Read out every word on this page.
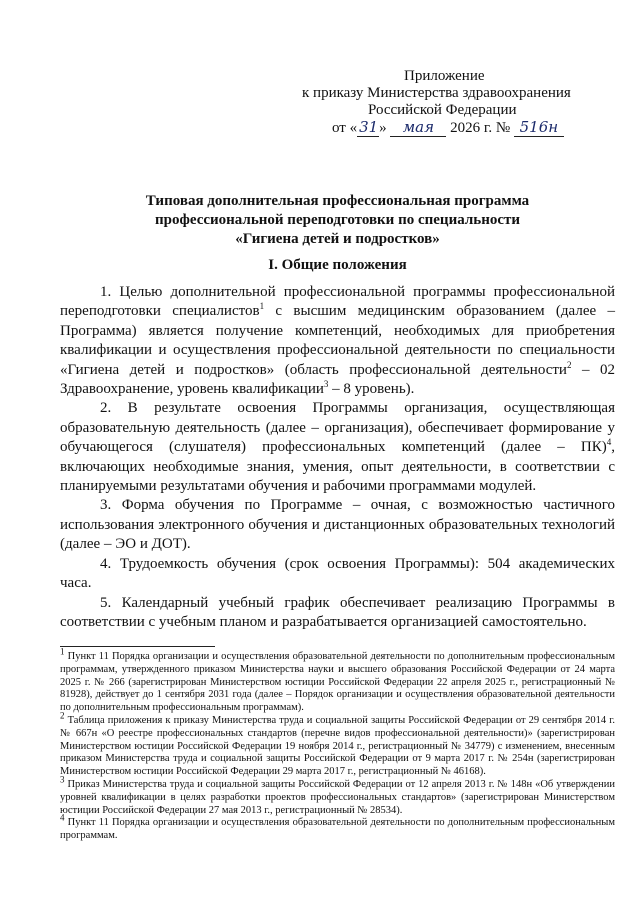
Приложение
к приказу Министерства здравоохранения
Российской Федерации
от « 31» мая 2026 г. № 516н
Типовая дополнительная профессиональная программа
профессиональной переподготовки по специальности
«Гигиена детей и подростков»
I. Общие положения

1. Целью дополнительной профессиональной программы профессиональной переподготовки специалистов$^1$ с высшим медицинским образованием (далее – Программа) является получение компетенций, необходимых для приобретения квалификации и осуществления профессиональной деятельности по специальности «Гигиена детей и подростков» (область профессиональной деятельности$^2$ – 02 Здравоохранение, уровень квалификации$^3$ – 8 уровень).

2. В результате освоения Программы организация, осуществляющая образовательную деятельность (далее – организация), обеспечивает формирование у обучающегося (слушателя) профессиональных компетенций (далее – ПК)$^4$, включающих необходимые знания, умения, опыт деятельности, в соответствии с планируемыми результатами обучения и рабочими программами модулей.

3. Форма обучения по Программе – очная, с возможностью частичного использования электронного обучения и дистанционных образовательных технологий (далее – ЭО и ДОТ).

4. Трудоемкость обучения (срок освоения Программы): 504 академических часа.

5. Календарный учебный график обеспечивает реализацию Программы в соответствии с учебным планом и разрабатывается организацией самостоятельно.

$^1$ Пункт 11 Порядка организации и осуществления образовательной деятельности по дополнительным профессиональным программам, утвержденного приказом Министерства науки и высшего образования Российской Федерации от 24 марта 2025 г. № 266 (зарегистрирован Министерством юстиции Российской Федерации 22 апреля 2025 г., регистрационный № 81928), действует до 1 сентября 2031 года (далее – Порядок организации и осуществления образовательной деятельности по дополнительным профессиональным программам).

$^2$ Таблица приложения к приказу Министерства труда и социальной защиты Российской Федерации от 29 сентября 2014 г. № 667н «О реестре профессиональных стандартов (перечне видов профессиональной деятельности)» (зарегистрирован Министерством юстиции Российской Федерации 19 ноября 2014 г., регистрационный № 34779) с изменением, внесенным приказом Министерства труда и социальной защиты Российской Федерации от 9 марта 2017 г. № 254н (зарегистрирован Министерством юстиции Российской Федерации 29 марта 2017 г., регистрационный № 46168).

$^3$ Приказ Министерства труда и социальной защиты Российской Федерации от 12 апреля 2013 г. № 148н «Об утверждении уровней квалификации в целях разработки проектов профессиональных стандартов» (зарегистрирован Министерством юстиции Российской Федерации 27 мая 2013 г., регистрационный № 28534).

$^4$ Пункт 11 Порядка организации и осуществления образовательной деятельности по дополнительным профессиональным программам.
